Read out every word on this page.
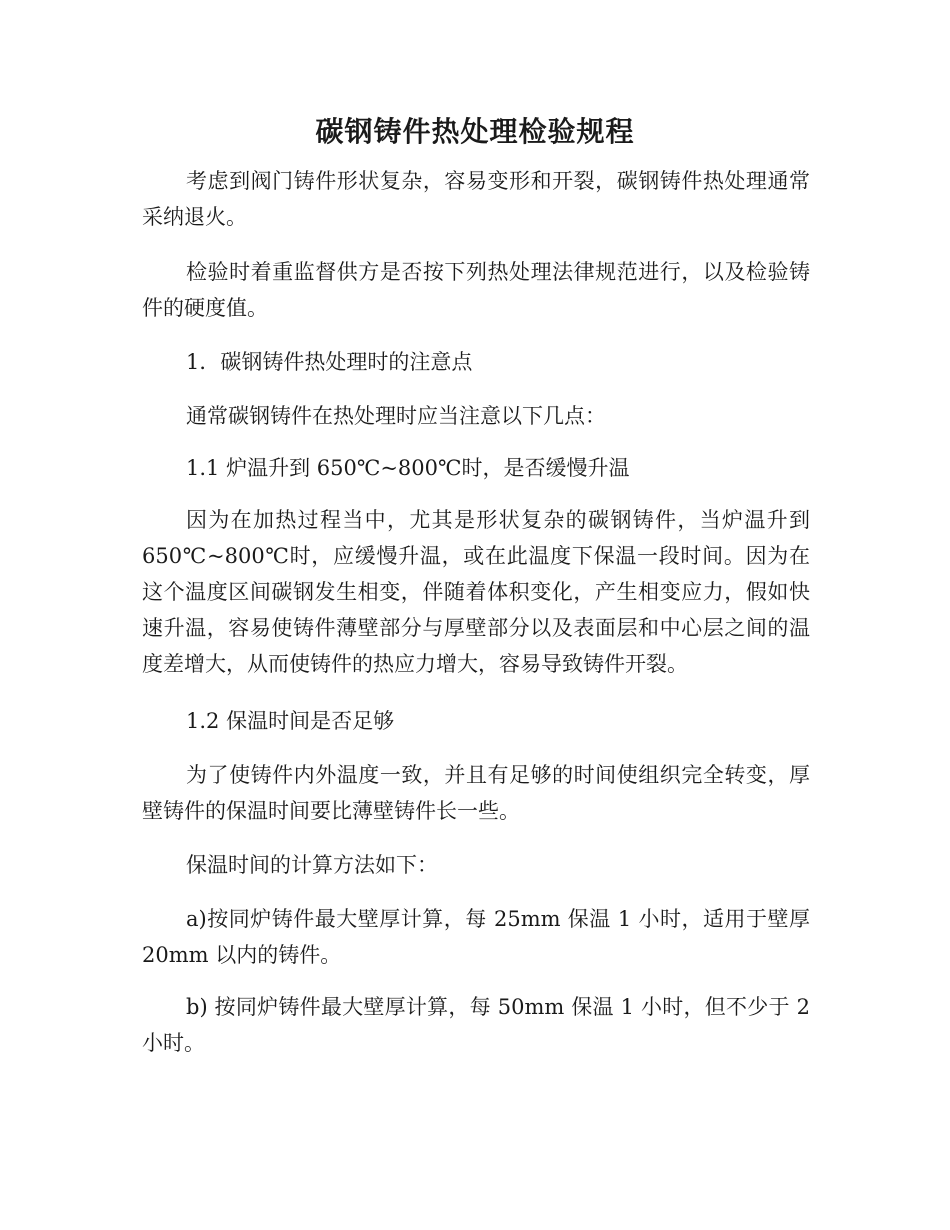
碳钢铸件热处理检验规程

考虑到阀门铸件形状复杂，容易变形和开裂，碳钢铸件热处理通常采纳退火。

检验时着重监督供方是否按下列热处理法律规范进行，以及检验铸件的硬度值。

1．碳钢铸件热处理时的注意点

通常碳钢铸件在热处理时应当注意以下几点：

1.1 炉温升到 650℃~800℃时，是否缓慢升温

因为在加热过程当中，尤其是形状复杂的碳钢铸件，当炉温升到 650℃~800℃时，应缓慢升温，或在此温度下保温一段时间。因为在这个温度区间碳钢发生相变，伴随着体积变化，产生相变应力，假如快速升温，容易使铸件薄壁部分与厚壁部分以及表面层和中心层之间的温度差增大，从而使铸件的热应力增大，容易导致铸件开裂。

1.2 保温时间是否足够

为了使铸件内外温度一致，并且有足够的时间使组织完全转变，厚壁铸件的保温时间要比薄壁铸件长一些。

保温时间的计算方法如下：

a)按同炉铸件最大壁厚计算，每 25mm 保温 1 小时，适用于壁厚 20mm 以内的铸件。

b) 按同炉铸件最大壁厚计算，每 50mm 保温 1 小时，但不少于 2 小时。
